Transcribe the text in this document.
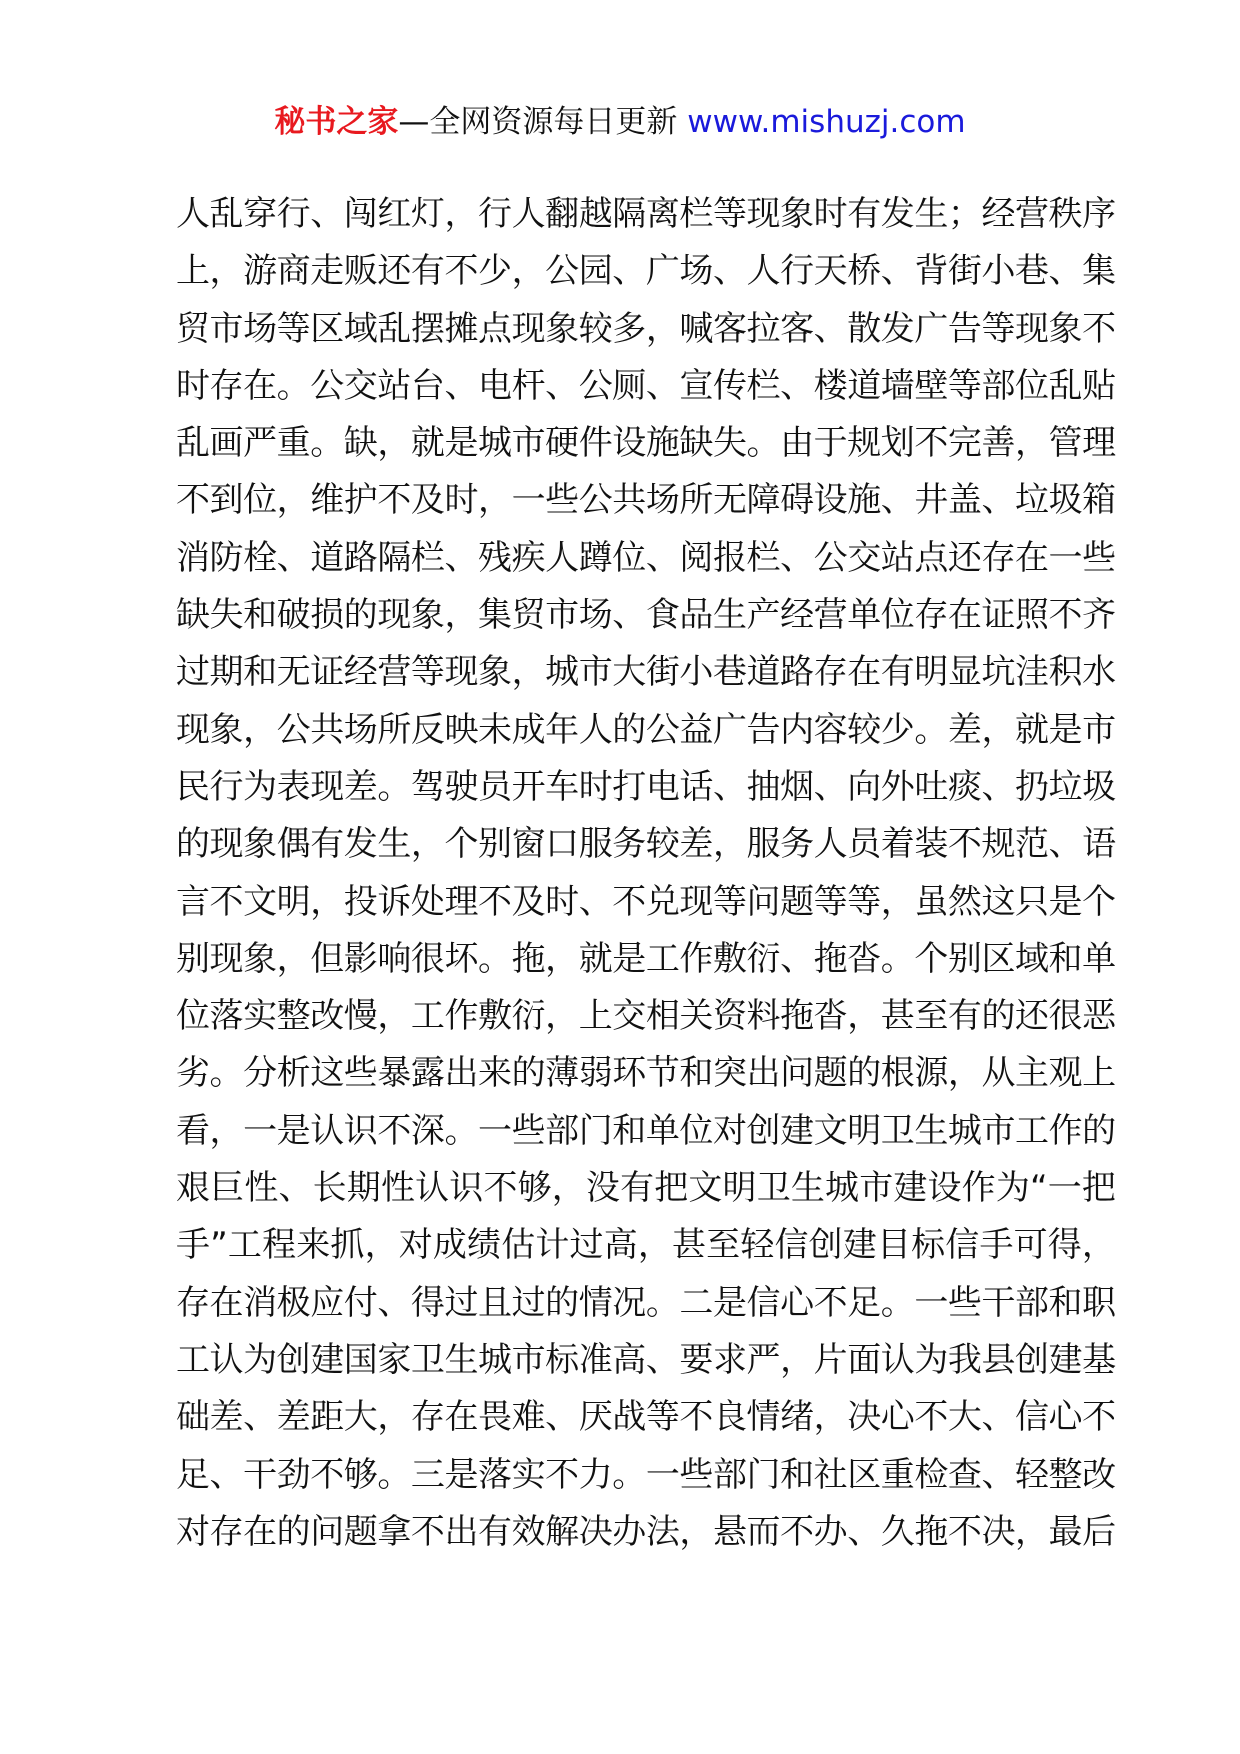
秘书之家—全网资源每日更新 www.mishuzj.com
人乱穿行、闯红灯，行人翻越隔离栏等现象时有发生；经营秩序
上，游商走贩还有不少，公园、广场、人行天桥、背街小巷、集
贸市场等区域乱摆摊点现象较多，喊客拉客、散发广告等现象不
时存在。公交站台、电杆、公厕、宣传栏、楼道墙壁等部位乱贴
乱画严重。缺，就是城市硬件设施缺失。由于规划不完善，管理
不到位，维护不及时，一些公共场所无障碍设施、井盖、垃圾箱
消防栓、道路隔栏、残疾人蹲位、阅报栏、公交站点还存在一些
缺失和破损的现象，集贸市场、食品生产经营单位存在证照不齐
过期和无证经营等现象，城市大街小巷道路存在有明显坑洼积水
现象，公共场所反映未成年人的公益广告内容较少。差，就是市
民行为表现差。驾驶员开车时打电话、抽烟、向外吐痰、扔垃圾
的现象偶有发生，个别窗口服务较差，服务人员着装不规范、语
言不文明，投诉处理不及时、不兑现等问题等等，虽然这只是个
别现象，但影响很坏。拖，就是工作敷衍、拖沓。个别区域和单
位落实整改慢，工作敷衍，上交相关资料拖沓，甚至有的还很恶
劣。分析这些暴露出来的薄弱环节和突出问题的根源，从主观上
看，一是认识不深。一些部门和单位对创建文明卫生城市工作的
艰巨性、长期性认识不够，没有把文明卫生城市建设作为“一把
手”工程来抓，对成绩估计过高，甚至轻信创建目标信手可得，
存在消极应付、得过且过的情况。二是信心不足。一些干部和职
工认为创建国家卫生城市标准高、要求严，片面认为我县创建基
础差、差距大，存在畏难、厌战等不良情绪，决心不大、信心不
足、干劲不够。三是落实不力。一些部门和社区重检查、轻整改
对存在的问题拿不出有效解决办法，悬而不办、久拖不决，最后
